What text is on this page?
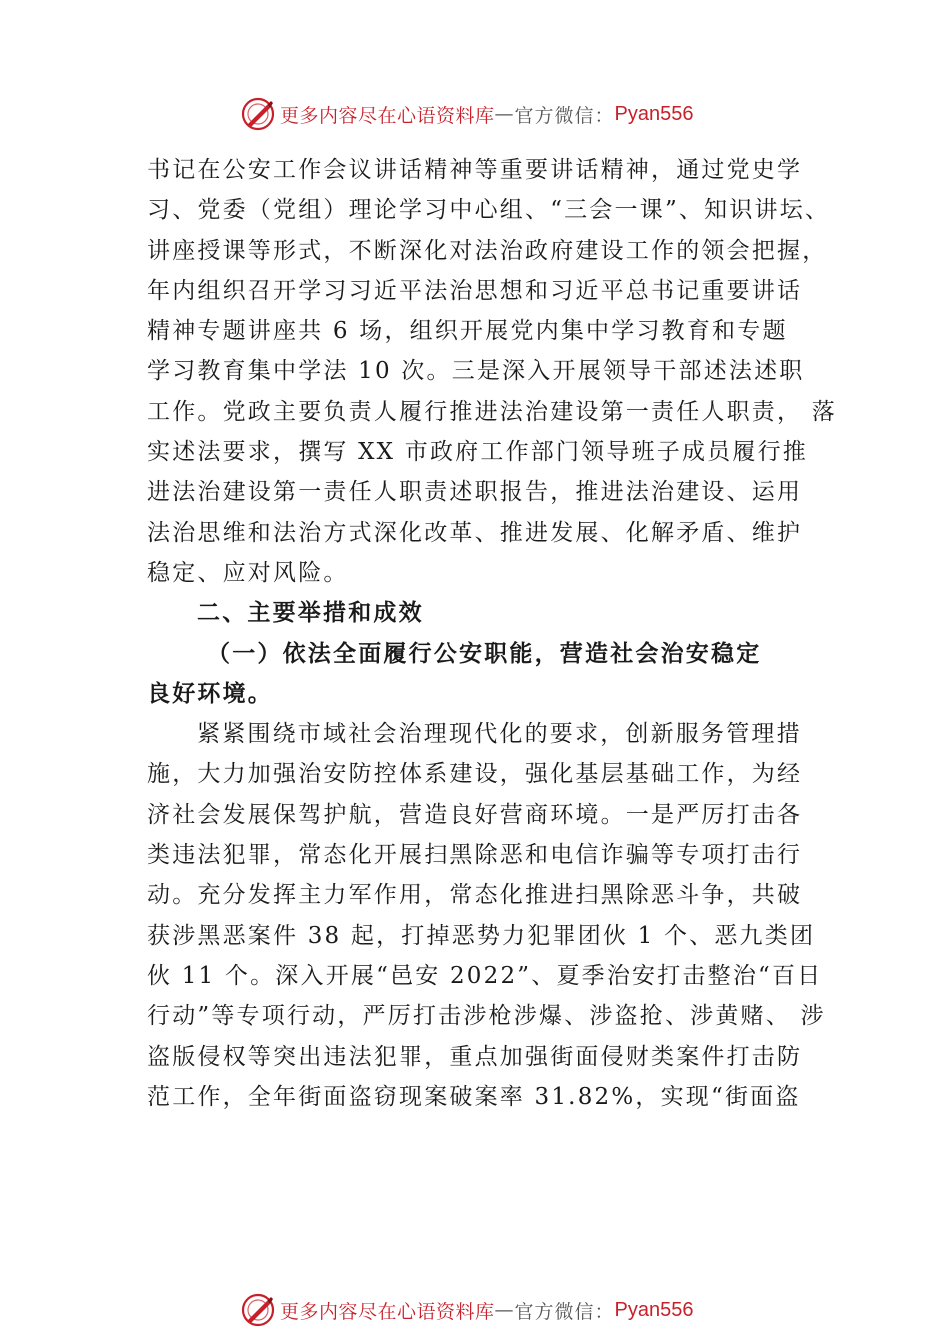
更多内容尽在心语资料库 — 官方微信： Pyan556
书记在公安工作会议讲话精神等重要讲话精神，通过党史学
习、党委（党组）理论学习中心组、“三会一课”、知识讲坛、
讲座授课等形式，不断深化对法治政府建设工作的领会把握，
年内组织召开学习习近平法治思想和习近平总书记重要讲话
精神专题讲座共 6 场，组织开展党内集中学习教育和专题
学习教育集中学法 10 次。三是深入开展领导干部述法述职
工作。党政主要负责人履行推进法治建设第一责任人职责， 落
实述法要求，撰写 XX 市政府工作部门领导班子成员履行推
进法治建设第一责任人职责述职报告，推进法治建设、运用
法治思维和法治方式深化改革、推进发展、化解矛盾、维护
稳定、应对风险。
二、主要举措和成效
（一）依法全面履行公安职能，营造社会治安稳定
良好环境。
紧紧围绕市域社会治理现代化的要求，创新服务管理措
施，大力加强治安防控体系建设，强化基层基础工作，为经
济社会发展保驾护航，营造良好营商环境。一是严厉打击各
类违法犯罪，常态化开展扫黑除恶和电信诈骗等专项打击行
动。充分发挥主力军作用，常态化推进扫黑除恶斗争，共破
获涉黑恶案件 38 起，打掉恶势力犯罪团伙 1 个、恶九类团
伙 11 个。深入开展“邑安 2022”、夏季治安打击整治“百日
行动”等专项行动，严厉打击涉枪涉爆、涉盗抢、涉黄赌、 涉
盗版侵权等突出违法犯罪，重点加强街面侵财类案件打击防
范工作，全年街面盗窃现案破案率 31.82%，实现“街面盗
更多内容尽在心语资料库 — 官方微信： Pyan556
